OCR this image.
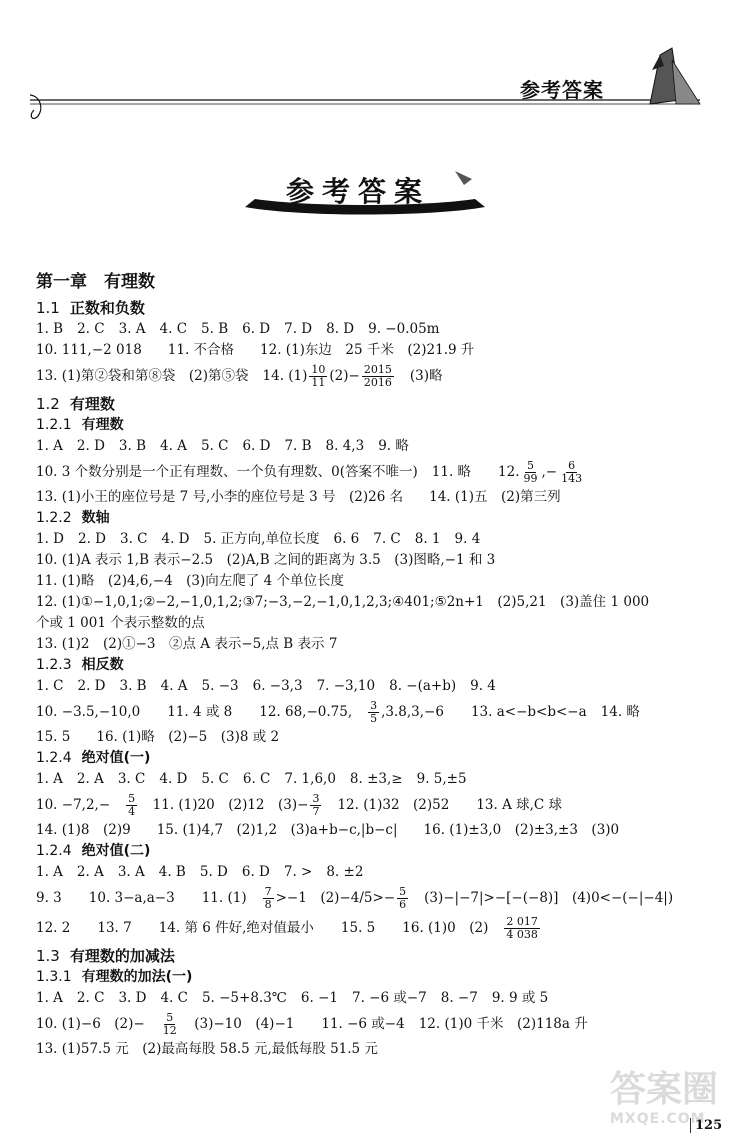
参考答案
参考答案
第一章　有理数
1.1 正数和负数
1. B 2. C 3. A 4. C 5. B 6. D 7. D 8. D 9. −0.05m
10. 111,−2 018 11. 不合格 12. (1)东边　25 千米　(2)21.9 升
13. (1)第②袋和第⑧袋　(2)第⑤袋 14. $(1) \frac{10}{11} (2)- \frac{2015}{2016} (3)$略
1.2 有理数
1.2.1 有理数
1. A 2. D 3. B 4. A 5. C 6. D 7. B 8. 4,3 9. 略
10. 3 个数分别是一个正有理数、一个负有理数、0(答案不唯一) 11. 略　　12. $\frac{5}{99}$ ,− $\frac{6}{143}$
13. (1)小王的座位号是 7 号,小李的座位号是 3 号　(2)26 名 14. (1)五　(2)第三列
1.2.2 数轴
1. D 2. D 3. C 4. D 5. 正方向,单位长度 6. 6 7. C 8. 1 9. 4
10. (1)A 表示 1,B 表示−2.5　(2)A,B 之间的距离为 3.5　(3)图略,−1 和 3
11. (1)略　(2)4,6,−4　(3)向左爬了 4 个单位长度
12. (1)①−1,0,1;②−2,−1,0,1,2;③7;−3,−2,−1,0,1,2,3;④401;⑤2n+1　(2)5,21　(3)盖住 1 000
个或 1 001 个表示整数的点
13. (1)2　(2)①−3　②点 A 表示−5,点 B 表示 7
1.2.3 相反数
1. C 2. D 3. B 4. A 5. −3 6. −3,3 7. −3,10 8. −(a+b) 9. 4
10. −3.5,−10,0　　11. 4 或 8　　12. 68,−0.75, $\frac{3}{5} ,3.8,3,-6$　　13. a<−b<b<−a 14. 略
15. 5 16. (1)略　(2)−5　(3)8 或 2
1.2.4 绝对值(一)
1. A 2. A 3. C 4. D 5. C 6. C 7. 1,6,0 8. ±3,≥ 9. 5,±5
10. $-7,2,- \frac{5}{4}$ 　11. (1)20　(2)12　$(3)- \frac{3}{7} 12$. (1)32　(2)52　　13. A 球,C 球
14. (1)8　(2)9 15. (1)4,7　(2)1,2　(3)a+b−c,|b−c| 16. (1)±3,0　(2)±3,±3　(3)0
1.2.4 绝对值(二)
1. A 2. A 3. A 4. B 5. D 6. D 7. > 8. ±2
9. 3　　10. 3−a,a−3　　11. $(1) \frac{7}{8} >-1$　$(2)-4/5>- \frac{5}{6} (3)-|-7|>-[-(-8)]$　(4)0<−(−|−4|)
12. 2　　13. 7　　14. 第 6 件好,绝对值最小　　15. 5　　16. (1)0　$(2) \frac{2 017}{4 038}$
1.3 有理数的加减法
1.3.1 有理数的加法(一)
1. A 2. C 3. D 4. C 5. −5+8.3℃ 6. −1 7. −6 或−7 8. −7 9. 9 或 5
10. (1)−6　$(2)- \frac{5}{12}$ 　(3)−10　(4)−1　　11. −6 或−4 12. (1)0 千米　(2)118a 升
13. (1)57.5 元　(2)最高每股 58.5 元,最低每股 51.5 元
125
答案圈
MXQE.COM
